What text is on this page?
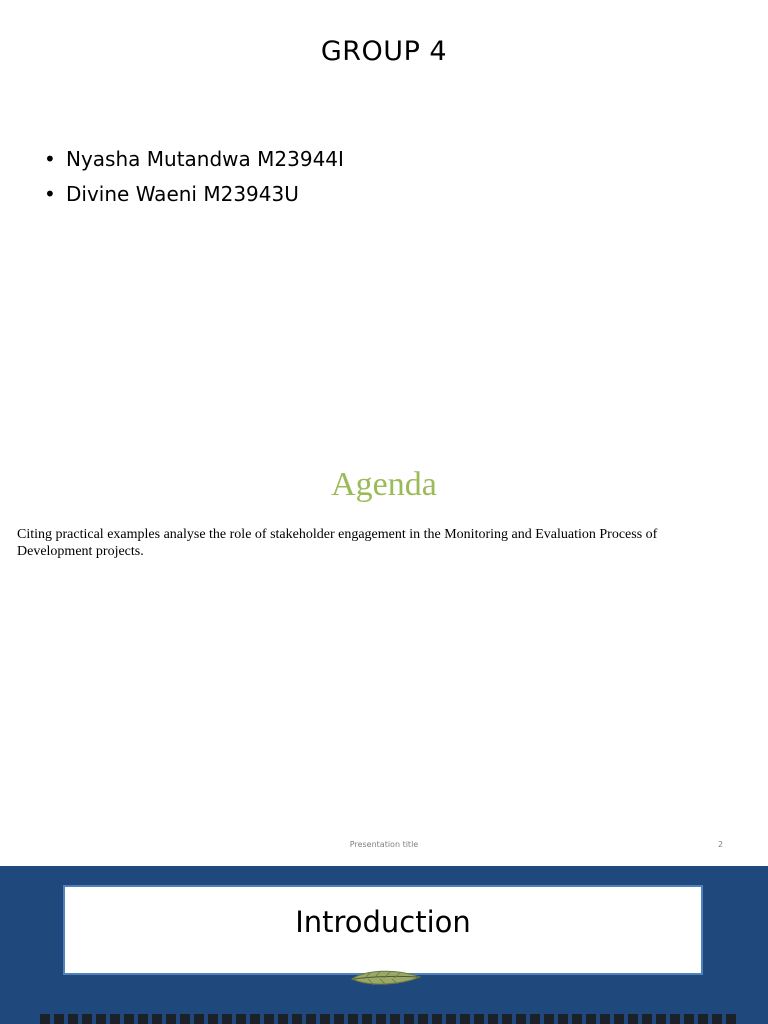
GROUP 4
• Nyasha Mutandwa M23944I
• Divine Waeni M23943U
Agenda
Citing practical examples analyse the role of stakeholder engagement in the Monitoring and Evaluation Process of Development projects.
Presentation title	2
Introduction
